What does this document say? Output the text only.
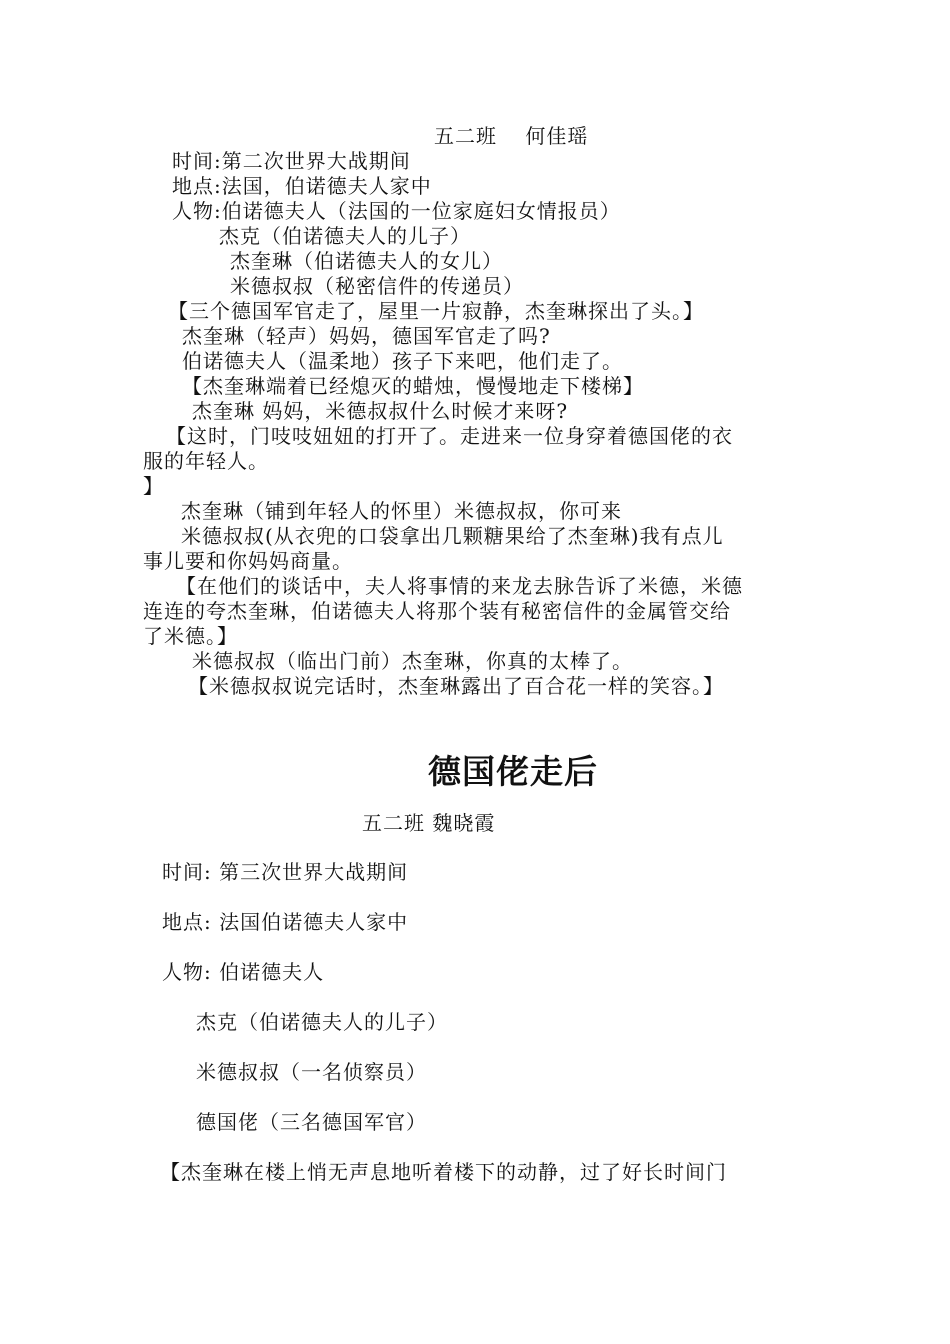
五二班　 何佳瑶
时间:第二次世界大战期间
地点:法国，伯诺德夫人家中
人物:伯诺德夫人（法国的一位家庭妇女情报员）
杰克（伯诺德夫人的儿子）
杰奎琳（伯诺德夫人的女儿）
米德叔叔（秘密信件的传递员）
【三个德国军官走了，屋里一片寂静，杰奎琳探出了头。】
杰奎琳（轻声）妈妈，德国军官走了吗?
伯诺德夫人（温柔地）孩子下来吧，他们走了。
【杰奎琳端着已经熄灭的蜡烛，慢慢地走下楼梯】
杰奎琳 妈妈，米德叔叔什么时候才来呀?
【这时，门吱吱妞妞的打开了。走进来一位身穿着德国佬的衣
服的年轻人。
】
杰奎琳（铺到年轻人的怀里）米德叔叔，你可来
米德叔叔(从衣兜的口袋拿出几颗糖果给了杰奎琳)我有点儿
事儿要和你妈妈商量。
【在他们的谈话中，夫人将事情的来龙去脉告诉了米德，米德
连连的夸杰奎琳，伯诺德夫人将那个装有秘密信件的金属管交给
了米德。】
米德叔叔（临出门前）杰奎琳，你真的太棒了。
【米德叔叔说完话时，杰奎琳露出了百合花一样的笑容。】
德国佬走后
五二班 魏晓霞
时间: 第三次世界大战期间
地点: 法国伯诺德夫人家中
人物: 伯诺德夫人
杰克（伯诺德夫人的儿子）
米德叔叔（一名侦察员）
德国佬（三名德国军官）
【杰奎琳在楼上悄无声息地听着楼下的动静，过了好长时间门
